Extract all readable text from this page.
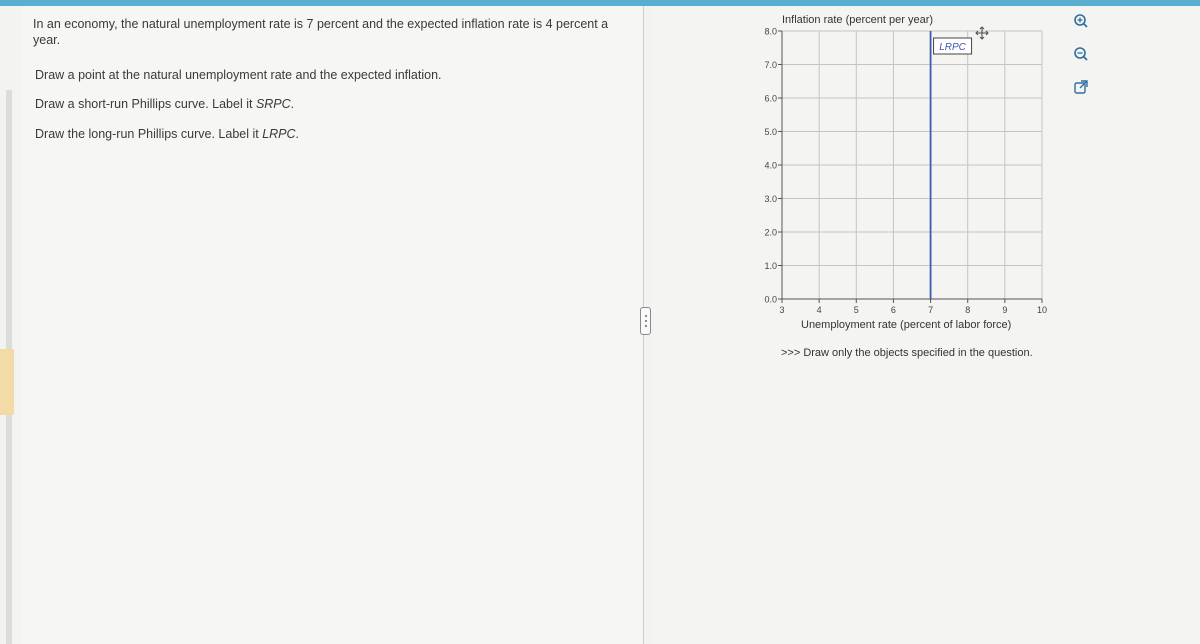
In an economy, the natural unemployment rate is 7 percent and the expected inflation rate is 4 percent a year.
Draw a point at the natural unemployment rate and the expected inflation.
Draw a short-run Phillips curve. Label it SRPC.
Draw the long-run Phillips curve. Label it LRPC.
Inflation rate (percent per year)
Unemployment rate (percent of labor force)
0.0
1.0
2.0
3.0
4.0
5.0
6.0
7.0
8.0
3	4	5	6	7	8	9	10
LRPC
>>> Draw only the objects specified in the question.
